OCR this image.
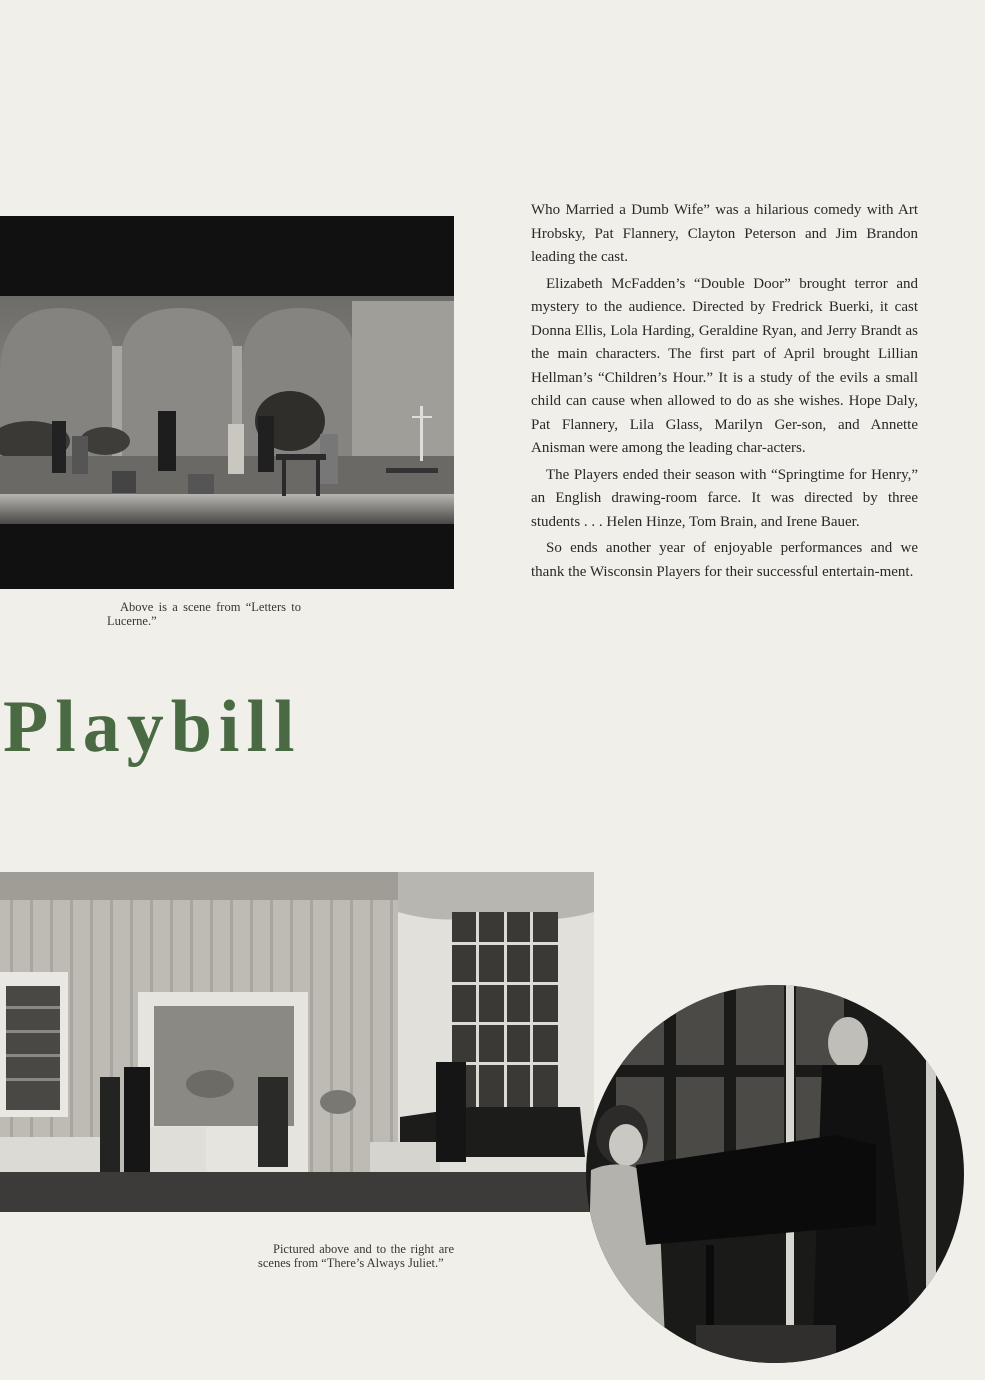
Above is a scene from “Letters to Lucerne.”

Who Married a Dumb Wife” was a hilarious comedy with Art Hrobsky, Pat Flannery, Clayton Peterson and Jim Brandon leading the cast.

Elizabeth McFadden’s “Double Door” brought terror and mystery to the audience. Directed by Fredrick Buerki, it cast Donna Ellis, Lola Harding, Geraldine Ryan, and Jerry Brandt as the main characters. The first part of April brought Lillian Hellman’s “Children’s Hour.” It is a study of the evils a small child can cause when allowed to do as she wishes. Hope Daly, Pat Flannery, Lila Glass, Marilyn Ger-son, and Annette Anisman were among the leading char-acters.

The Players ended their season with “Springtime for Henry,” an English drawing-room farce. It was directed by three students . . . Helen Hinze, Tom Brain, and Irene Bauer.

So ends another year of enjoyable performances and we thank the Wisconsin Players for their successful entertain-ment.

Playbill
Pictured above and to the right are scenes from “There’s Always Juliet.”
